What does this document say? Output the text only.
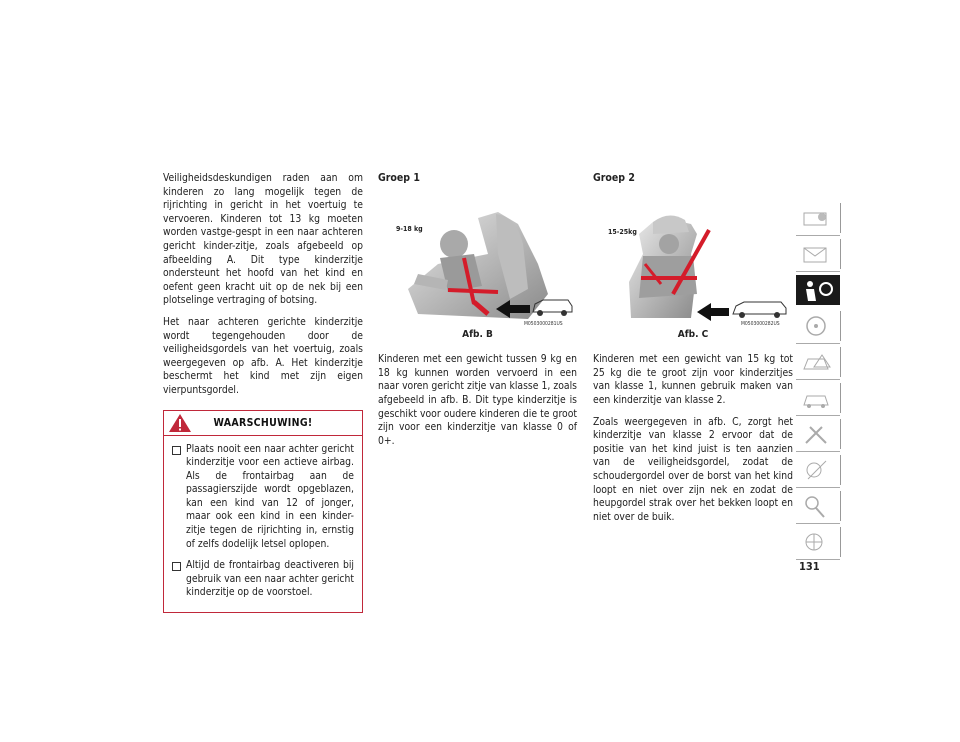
Veiligheidsdeskundigen raden aan om kinderen zo lang mogelijk tegen de rijrichting in gericht in het voertuig te vervoeren. Kinderen tot 13 kg moeten worden vastge-gespt in een naar achteren gericht kinder-zitje, zoals afgebeeld op afbeelding A. Dit type kinderzitje ondersteunt het hoofd van het kind en oefent geen kracht uit op de nek bij een plotselinge vertraging of botsing.

Het naar achteren gerichte kinderzitje wordt tegengehouden door de veiligheidsgordels van het voertuig, zoals weergegeven op afb. A. Het kinderzitje beschermt het kind met zijn eigen vierpuntsgordel.

WAARSCHUWING!
Plaats nooit een naar achter gericht kinderzitje voor een actieve airbag. Als de frontairbag aan de passagierszijde wordt opgeblazen, kan een kind van 12 of jonger, maar ook een kind in een kinder-zitje tegen de rijrichting in, ernstig of zelfs dodelijk letsel oplopen.
Altijd de frontairbag deactiveren bij gebruik van een naar achter gericht kinderzitje op de voorstoel.
Groep 1
9-18 kg
M0503000281US
Afb. B

Kinderen met een gewicht tussen 9 kg en 18 kg kunnen worden vervoerd in een naar voren gericht zitje van klasse 1, zoals afgebeeld in afb. B. Dit type kinderzitje is geschikt voor oudere kinderen die te groot zijn voor een kinderzitje van klasse 0 of 0+.

Groep 2
15-25kg
M0503000282US
Afb. C

Kinderen met een gewicht van 15 kg tot 25 kg die te groot zijn voor kinderzitjes van klasse 1, kunnen gebruik maken van een kinderzitje van klasse 2.

Zoals weergegeven in afb. C, zorgt het kinderzitje van klasse 2 ervoor dat de positie van het kind juist is ten aanzien van de veiligheidsgordel, zodat de schoudergordel over de borst van het kind loopt en niet over zijn nek en zodat de heupgordel strak over het bekken loopt en niet over de buik.

131
